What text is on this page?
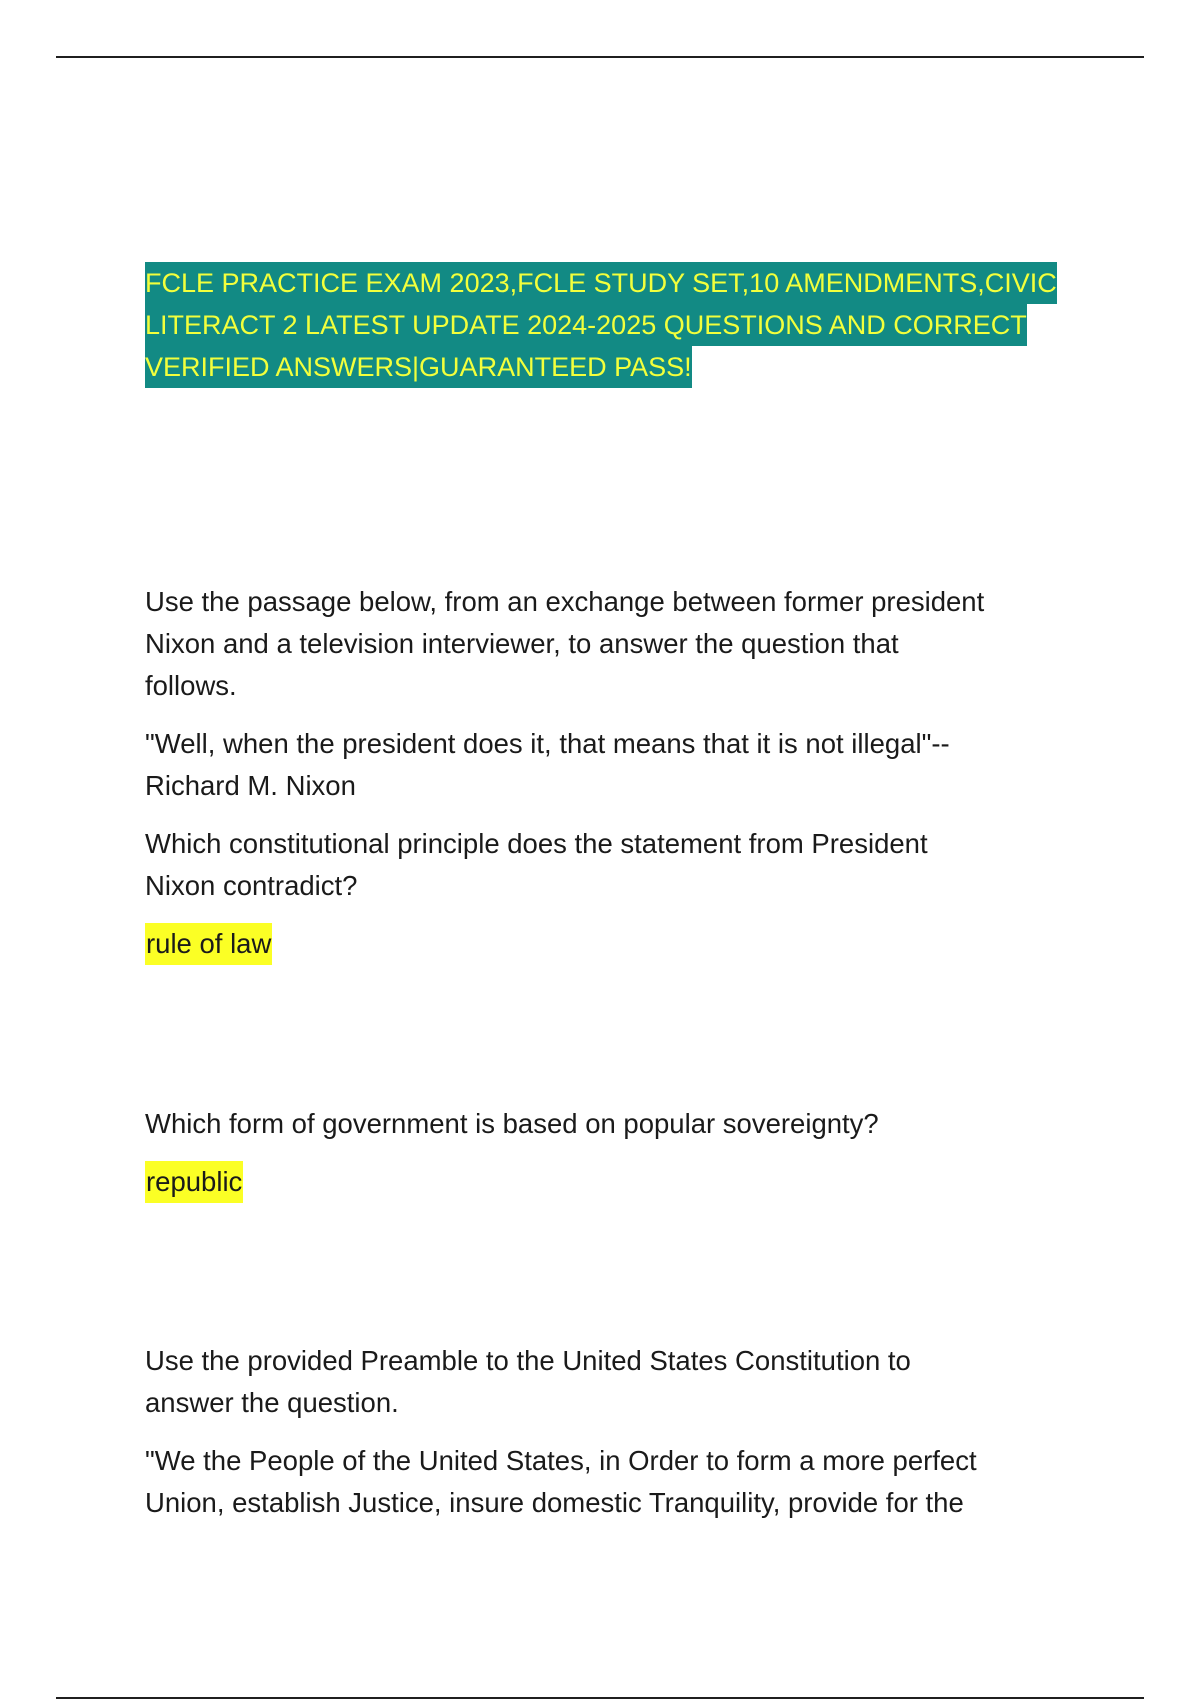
FCLE PRACTICE EXAM 2023,FCLE STUDY SET,10 AMENDMENTS,CIVIC
LITERACT 2 LATEST UPDATE 2024-2025 QUESTIONS AND CORRECT
VERIFIED ANSWERS|GUARANTEED PASS!

Use the passage below, from an exchange between former president

Nixon and a television interviewer, to answer the question that

follows.

"Well, when the president does it, that means that it is not illegal"--

Richard M. Nixon

Which constitutional principle does the statement from President

Nixon contradict?

rule of law

Which form of government is based on popular sovereignty?

republic

Use the provided Preamble to the United States Constitution to

answer the question.

"We the People of the United States, in Order to form a more perfect

Union, establish Justice, insure domestic Tranquility, provide for the
